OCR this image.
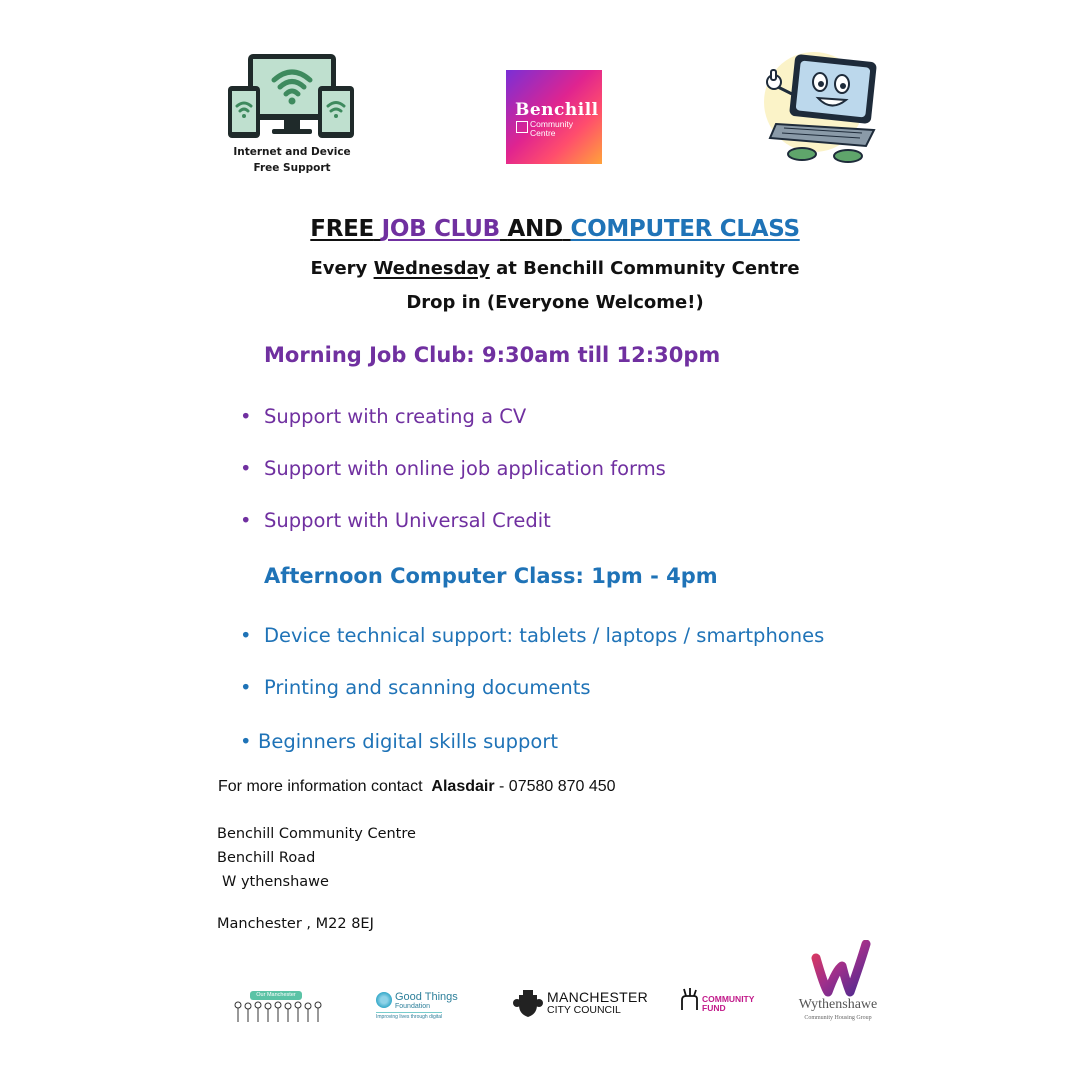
Internet and Device
Free Support
Benchill
Community
Centre
FREE JOB CLUB AND COMPUTER CLASS
Every Wednesday at Benchill Community Centre
Drop in (Everyone Welcome!)
Morning Job Club: 9:30am till 12:30pm
• Support with creating a CV
• Support with online job application forms
• Support with Universal Credit
Afternoon Computer Class: 1pm - 4pm
• Device technical support: tablets / laptops / smartphones
• Printing and scanning documents
• Beginners digital skills support
For more information contact Alasdair - 07580 870 450
Benchill Community Centre
Benchill Road
W ythenshawe
Manchester , M22 8EJ
Our Manchester	Good Things
Foundation
Improving lives through digital
MANCHESTER
CITY COUNCIL
COMMUNITY
FUND	Wythenshawe
Community Housing Group
